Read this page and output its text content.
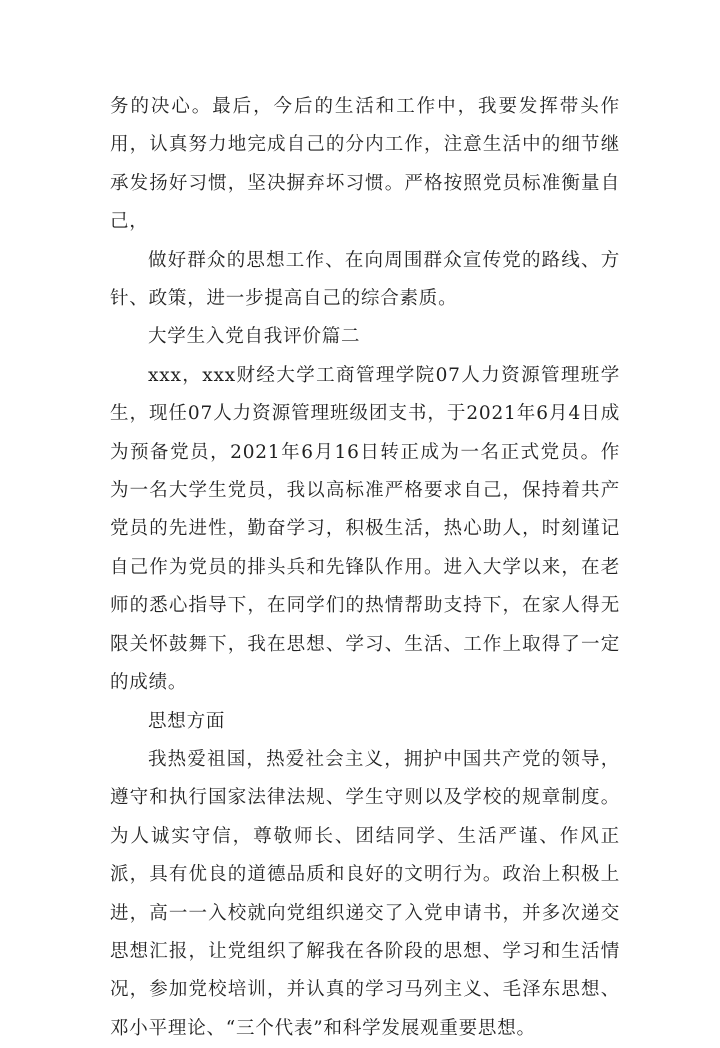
务的决心。最后，今后的生活和工作中，我要发挥带头作用，认真努力地完成自己的分内工作，注意生活中的细节继承发扬好习惯，坚决摒弃坏习惯。严格按照党员标准衡量自己，

做好群众的思想工作、在向周围群众宣传党的路线、方针、政策，进一步提高自己的综合素质。

大学生入党自我评价篇二

xxx，xxx财经大学工商管理学院07人力资源管理班学生，现任07人力资源管理班级团支书，于2021年6月4日成为预备党员，2021年6月16日转正成为一名正式党员。作为一名大学生党员，我以高标准严格要求自己，保持着共产党员的先进性，勤奋学习，积极生活，热心助人，时刻谨记自己作为党员的排头兵和先锋队作用。进入大学以来，在老师的悉心指导下，在同学们的热情帮助支持下，在家人得无限关怀鼓舞下，我在思想、学习、生活、工作上取得了一定的成绩。

思想方面

我热爱祖国，热爱社会主义，拥护中国共产党的领导，遵守和执行国家法律法规、学生守则以及学校的规章制度。为人诚实守信，尊敬师长、团结同学、生活严谨、作风正派，具有优良的道德品质和良好的文明行为。政治上积极上进，高一一入校就向党组织递交了入党申请书，并多次递交思想汇报，让党组织了解我在各阶段的思想、学习和生活情况，参加党校培训，并认真的学习马列主义、毛泽东思想、邓小平理论、“三个代表”和科学发展观重要思想。
